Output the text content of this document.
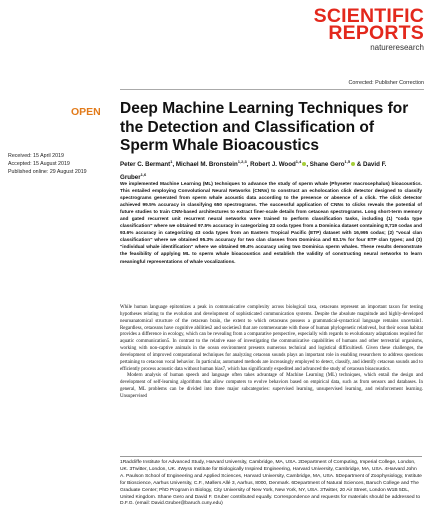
SCIENTIFIC
REPORTS
natureresearch
Corrected: Publisher Correction
OPEN Deep Machine Learning Techniques for the Detection and Classification of Sperm Whale Bioacoustics
Received: 15 April 2019
Accepted: 15 August 2019
Published online: 29 August 2019
Peter C. Bermant$^1$, Michael M. Bronstein$^{1,2,3}$, Robert J. Wood$^{1,4}$ , Shane Gero$^{1,5}$ & David F. Gruber$^{1,6}$

We implemented Machine Learning (ML) techniques to advance the study of sperm whale (Physeter macrocephalus) bioacoustics. This entailed employing Convolutional Neural Networks (CNNs) to construct an echolocation click detector designed to classify spectrograms generated from sperm whale acoustic data according to the presence or absence of a click. The click detector achieved 99.5% accuracy in classifying 650 spectrograms. The successful application of CNNs to clicks reveals the potential of future studies to train CNN-based architectures to extract finer-scale details from cetacean spectrograms. Long short-term memory and gated recurrent unit recurrent neural networks were trained to perform classification tasks, including (1) "coda type classification" where we obtained 97.5% accuracy in categorizing 23 coda types from a Dominica dataset containing 8,719 codas and 93.6% accuracy in categorizing 43 coda types from an Eastern Tropical Pacific (ETP) dataset with 16,995 codas; (2) "vocal clan classification" where we obtained 95.3% accuracy for two clan classes from Dominica and 93.1% for four ETP clan types; and (3) "individual whale identification" where we obtained 99.4% accuracy using two Dominica sperm whales. These results demonstrate the feasibility of applying ML to sperm whale bioacoustics and establish the validity of constructing neural networks to learn meaningful representations of whale vocalizations.

While human language epitomizes a peak in communicative complexity across biological taxa, cetaceans represent an important taxon for testing hypotheses relating to the evolution and development of sophisticated communication systems. Despite the absolute magnitude and highly-developed neuroanatomical structure of the cetacean brain, the extent to which cetaceans possess a grammatical-syntactical language remains uncertain1. Regardless, cetaceans have cognitive abilities2 and societies3 that are commensurate with those of human phylogenetic relatives4, but their ocean habitat provides a difference in ecology, which can be revealing from a comparative perspective, especially with regards to evolutionary adaptations required for aquatic communication5. In contrast to the relative ease of investigating the communicative capabilities of humans and other terrestrial organisms, working with non-captive animals in the ocean environment presents numerous technical and logistical difficulties6. Given these challenges, the development of improved computational techniques for analyzing cetacean sounds plays an important role in enabling researchers to address questions pertaining to cetacean vocal behavior. In particular, automated methods are increasingly employed to detect, classify, and identify cetacean sounds and to efficiently process acoustic data without human bias7, which has significantly expedited and advanced the study of cetacean bioacoustics.

Modern analysis of human speech and language often takes advantage of Machine Learning (ML) techniques, which entail the design and development of self-learning algorithms that allow computers to evolve behaviors based on empirical data, such as from sensors and databases. In general, ML problems can be divided into three major subcategories: supervised learning, unsupervised learning, and reinforcement learning. Unsupervised

1Radcliffe Institute for Advanced Study, Harvard University, Cambridge, MA, USA. 2Department of Computing, Imperial College, London, UK. 3Twitter, London, UK. 4Wyss Institute for Biologically Inspired Engineering, Harvard University, Cambridge, MA, USA. 4Harvard John A. Paulson School of Engineering and Applied Sciences, Harvard University, Cambridge, MA, USA. 5Department of Zoophysiology, Institute for Bioscience, Aarhus University, C.F., Møllers Allé 3, Aarhus, 8000, Denmark. 6Department of Natural Sciences, Baruch College and The Graduate Center; PhD Program in Biology, City University of New York, New York, NY, USA. 3Twitter, 20 Air Street, London W1B 5DL, United Kingdom. Shane Gero and David F. Gruber contributed equally. Correspondence and requests for materials should be addressed to D.F.G. (email: David.Gruber@baruch.cuny.edu)
